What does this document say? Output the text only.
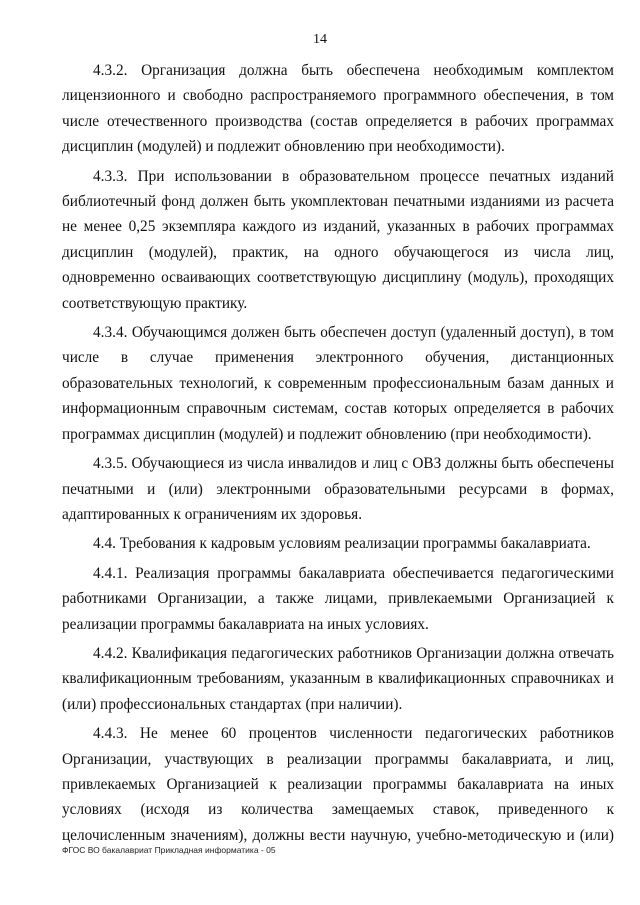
14
4.3.2. Организация должна быть обеспечена необходимым комплектом
лицензионного и свободно распространяемого программного обеспечения, в том
числе отечественного производства (состав определяется в рабочих программах
дисциплин (модулей) и подлежит обновлению при необходимости).
4.3.3. При использовании в образовательном процессе печатных изданий
библиотечный фонд должен быть укомплектован печатными изданиями из расчета
не менее 0,25 экземпляра каждого из изданий, указанных в рабочих программах
дисциплин (модулей), практик, на одного обучающегося из числа лиц,
одновременно осваивающих соответствующую дисциплину (модуль), проходящих
соответствующую практику.
4.3.4. Обучающимся должен быть обеспечен доступ (удаленный доступ), в том
числе в случае применения электронного обучения, дистанционных
образовательных технологий, к современным профессиональным базам данных и
информационным справочным системам, состав которых определяется в рабочих
программах дисциплин (модулей) и подлежит обновлению (при необходимости).
4.3.5. Обучающиеся из числа инвалидов и лиц с ОВЗ должны быть обеспечены
печатными и (или) электронными образовательными ресурсами в формах,
адаптированных к ограничениям их здоровья.
4.4. Требования к кадровым условиям реализации программы бакалавриата.
4.4.1. Реализация программы бакалавриата обеспечивается педагогическими
работниками Организации, а также лицами, привлекаемыми Организацией к
реализации программы бакалавриата на иных условиях.
4.4.2. Квалификация педагогических работников Организации должна отвечать
квалификационным требованиям, указанным в квалификационных справочниках и
(или) профессиональных стандартах (при наличии).
4.4.3. Не менее 60 процентов численности педагогических работников
Организации, участвующих в реализации программы бакалавриата, и лиц,
привлекаемых Организацией к реализации программы бакалавриата на иных
условиях (исходя из количества замещаемых ставок, приведенного к
целочисленным значениям), должны вести научную, учебно-методическую и (или)
ФГОС ВО бакалавриат Прикладная информатика - 05
